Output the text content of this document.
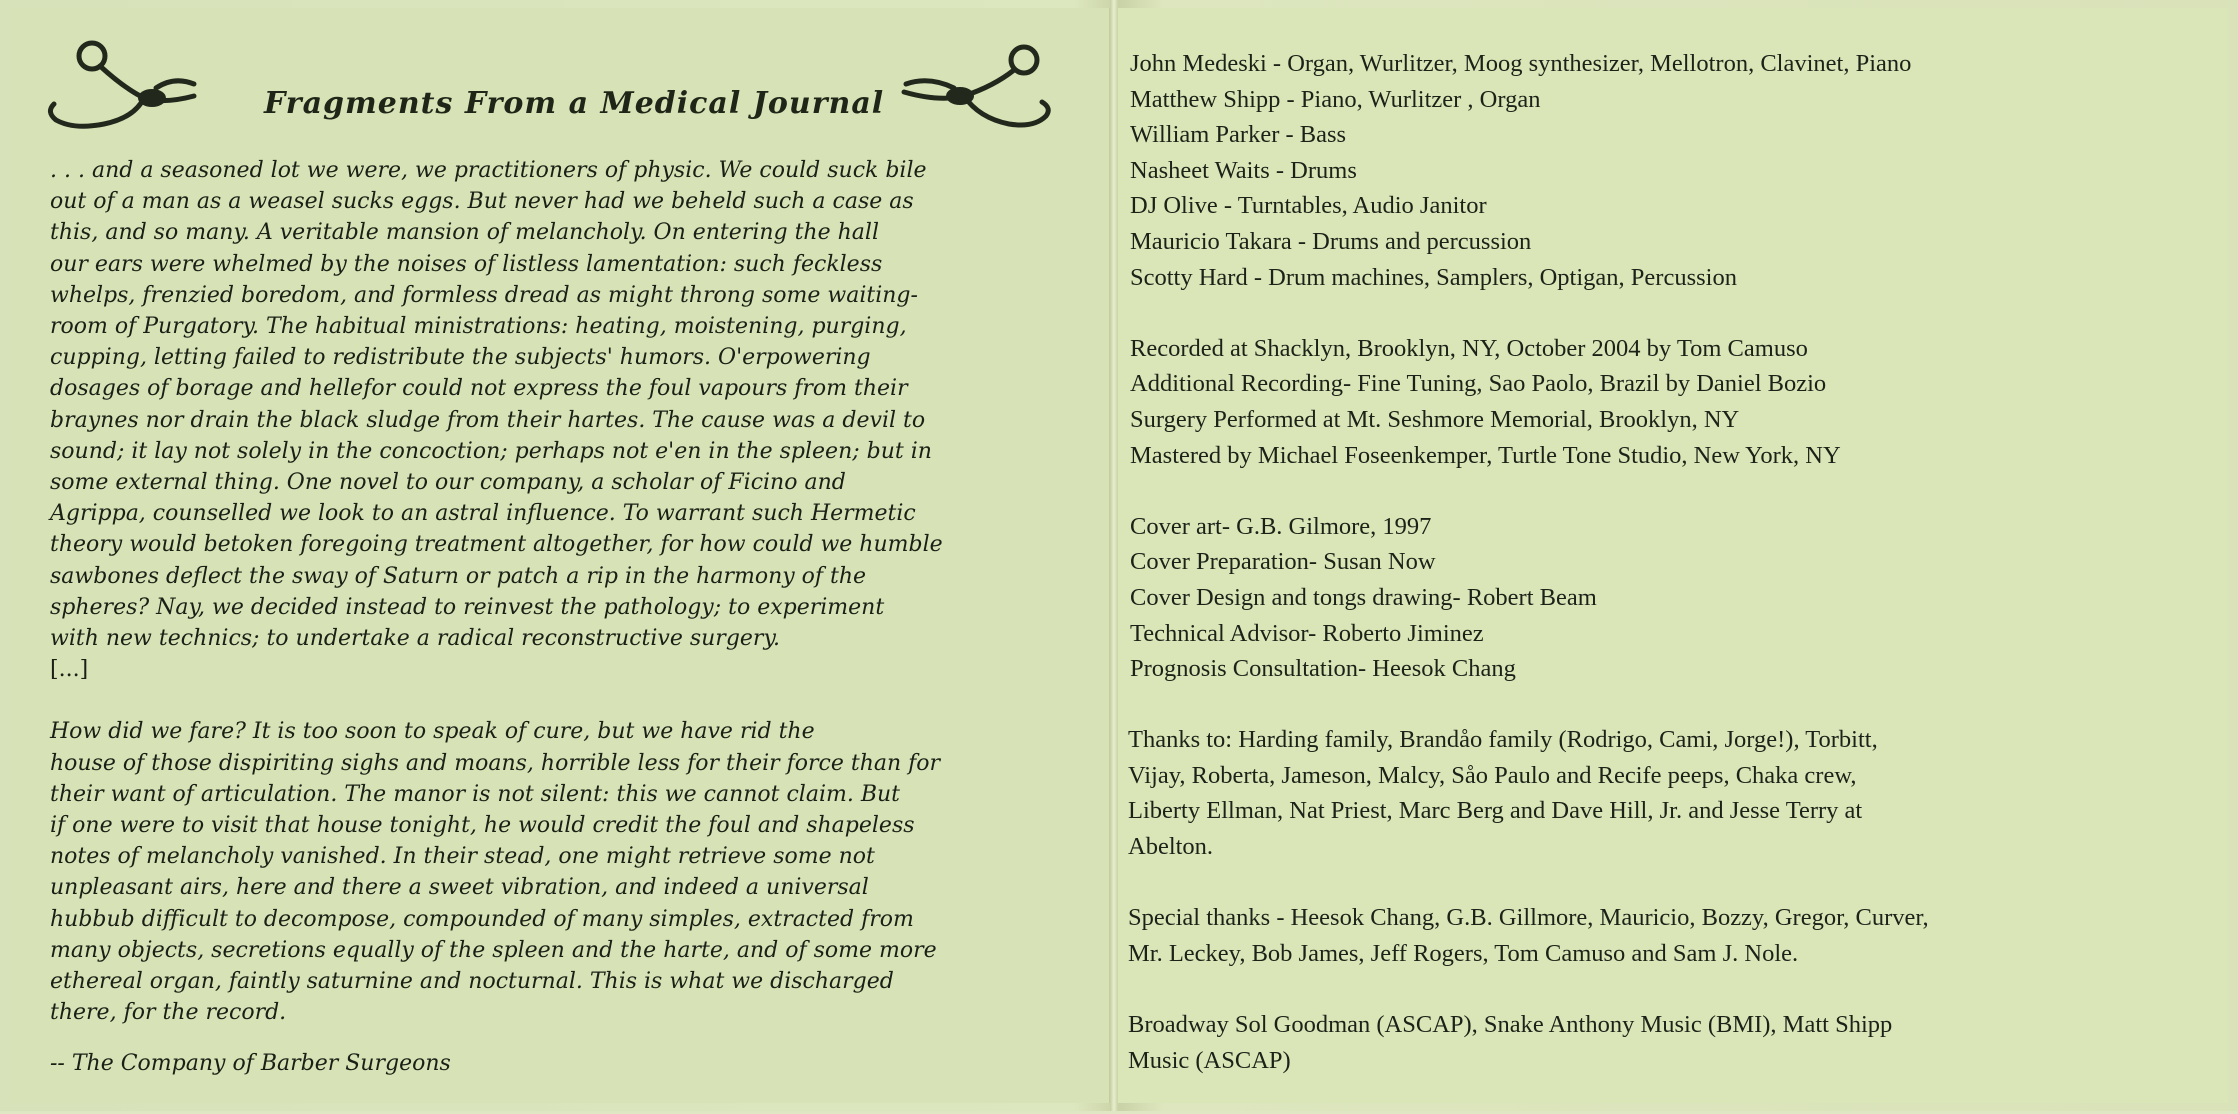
Fragments From a Medical Journal

. . . and a seasoned lot we were, we practitioners of physic. We could suck bile
out of a man as a weasel sucks eggs. But never had we beheld such a case as
this, and so many. A veritable mansion of melancholy. On entering the hall
our ears were whelmed by the noises of listless lamentation: such feckless
whelps, frenzied boredom, and formless dread as might throng some waiting-
room of Purgatory. The habitual ministrations: heating, moistening, purging,
cupping, letting failed to redistribute the subjects' humors. O'erpowering
dosages of borage and hellefor could not express the foul vapours from their
braynes nor drain the black sludge from their hartes. The cause was a devil to
sound; it lay not solely in the concoction; perhaps not e'en in the spleen; but in
some external thing. One novel to our company, a scholar of Ficino and
Agrippa, counselled we look to an astral influence. To warrant such Hermetic
theory would betoken foregoing treatment altogether, for how could we humble
sawbones deflect the sway of Saturn or patch a rip in the harmony of the
spheres? Nay, we decided instead to reinvest the pathology; to experiment
with new technics; to undertake a radical reconstructive surgery.

[...]

How did we fare? It is too soon to speak of cure, but we have rid the
house of those dispiriting sighs and moans, horrible less for their force than for
their want of articulation. The manor is not silent: this we cannot claim. But
if one were to visit that house tonight, he would credit the foul and shapeless
notes of melancholy vanished. In their stead, one might retrieve some not
unpleasant airs, here and there a sweet vibration, and indeed a universal
hubbub difficult to decompose, compounded of many simples, extracted from
many objects, secretions equally of the spleen and the harte, and of some more
ethereal organ, faintly saturnine and nocturnal. This is what we discharged
there, for the record.

-- The Company of Barber Surgeons
John Medeski - Organ, Wurlitzer, Moog synthesizer, Mellotron, Clavinet, Piano
Matthew Shipp - Piano, Wurlitzer , Organ
William Parker - Bass
Nasheet Waits - Drums
DJ Olive - Turntables, Audio Janitor
Mauricio Takara - Drums and percussion
Scotty Hard - Drum machines, Samplers, Optigan, Percussion
Recorded at Shacklyn, Brooklyn, NY, October 2004 by Tom Camuso
Additional Recording- Fine Tuning, Sao Paolo, Brazil by Daniel Bozio
Surgery Performed at Mt. Seshmore Memorial, Brooklyn, NY
Mastered by Michael Foseenkemper, Turtle Tone Studio, New York, NY
Cover art- G.B. Gilmore, 1997
Cover Preparation- Susan Now
Cover Design and tongs drawing- Robert Beam
Technical Advisor- Roberto Jiminez
Prognosis Consultation- Heesok Chang
Thanks to: Harding family, Brandåo family (Rodrigo, Cami, Jorge!), Torbitt,
Vijay, Roberta, Jameson, Malcy, Såo Paulo and Recife peeps, Chaka crew,
Liberty Ellman, Nat Priest, Marc Berg and Dave Hill, Jr. and Jesse Terry at
Abelton.
Special thanks - Heesok Chang, G.B. Gillmore, Mauricio, Bozzy, Gregor, Curver,
Mr. Leckey, Bob James, Jeff Rogers, Tom Camuso and Sam J. Nole.
Broadway Sol Goodman (ASCAP), Snake Anthony Music (BMI), Matt Shipp
Music (ASCAP)
